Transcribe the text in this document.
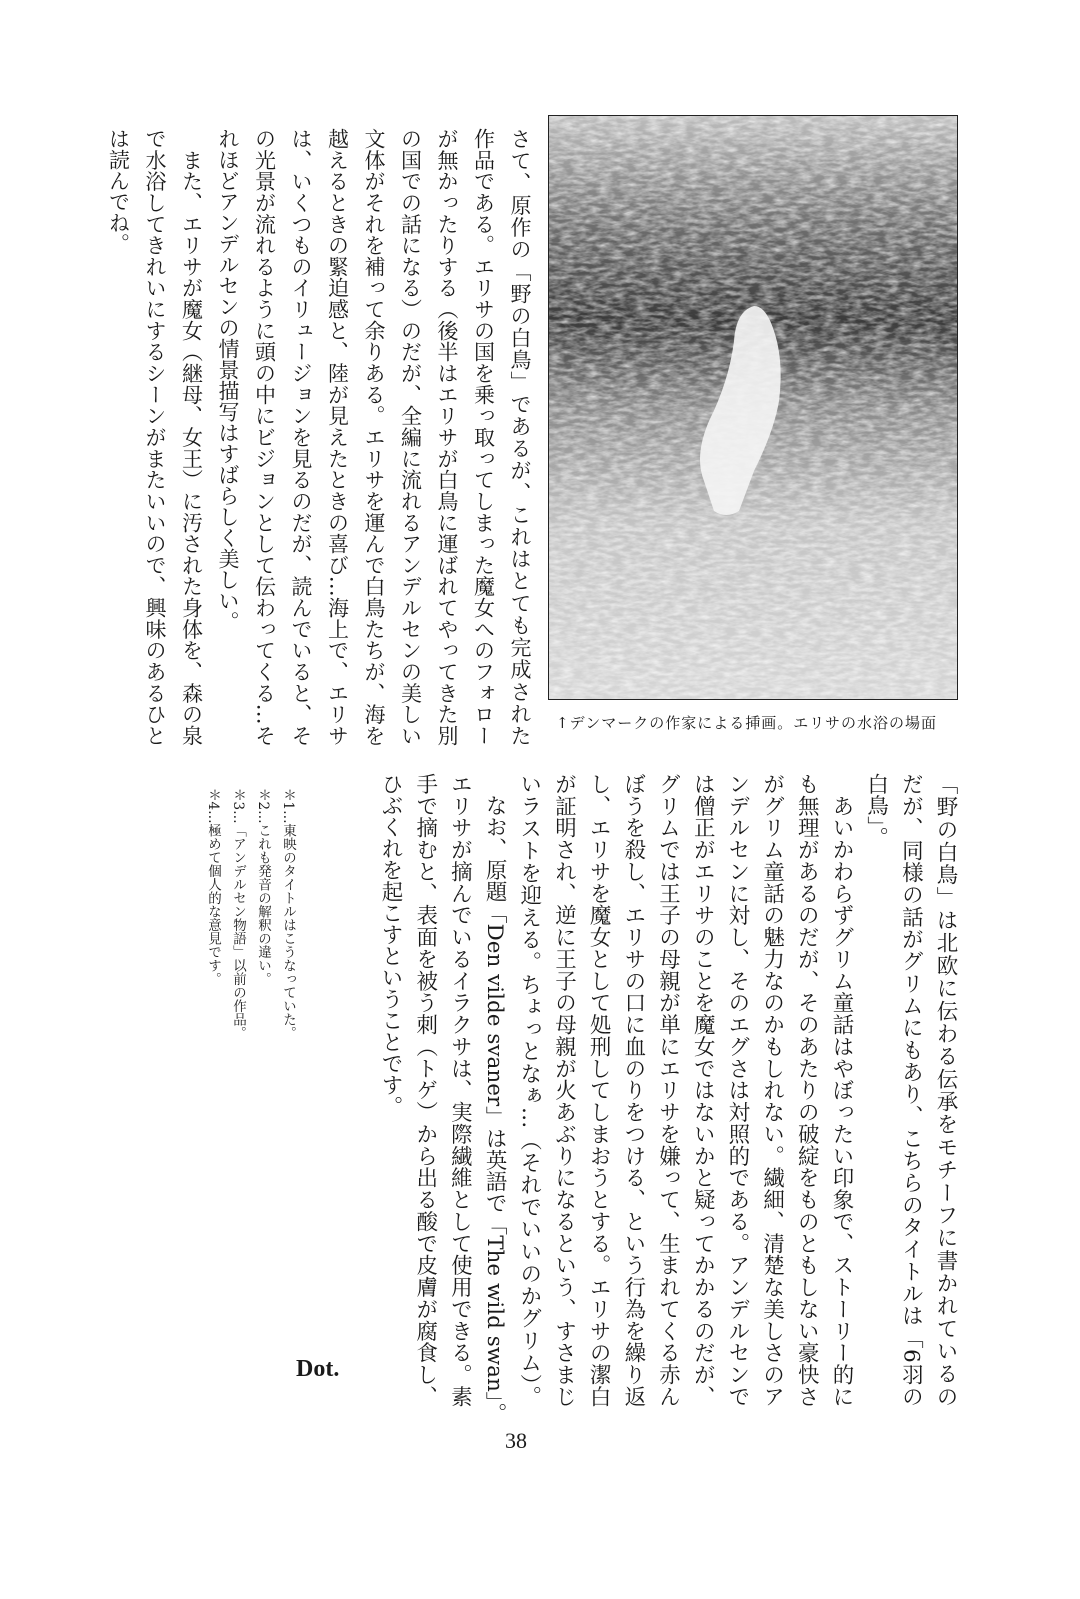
さて、原作の「野の白鳥」であるが、これはとても完成された
作品である。エリサの国を乗っ取ってしまった魔女へのフォロー
が無かったりする（後半はエリサが白鳥に運ばれてやってきた別
の国での話になる）のだが、全編に流れるアンデルセンの美しい
文体がそれを補って余りある。エリサを運んで白鳥たちが、海を
越えるときの緊迫感と、陸が見えたときの喜び…海上で、エリサ
は、いくつものイリュージョンを見るのだが、読んでいると、そ
の光景が流れるように頭の中にビジョンとして伝わってくる…そ
れほどアンデルセンの情景描写はすばらしく美しい。
　また、エリサが魔女（継母、女王）に汚された身体を、森の泉
で水浴してきれいにするシーンがまたいいので、興味のあるひと
は読んでね。
↑デンマークの作家による挿画。エリサの水浴の場面
「野の白鳥」は北欧に伝わる伝承をモチーフに書かれているの
だが、同様の話がグリムにもあり、こちらのタイトルは「6羽の
白鳥」。
　あいかわらずグリム童話はやぼったい印象で、ストーリー的に
も無理があるのだが、そのあたりの破綻をものともしない豪快さ
がグリム童話の魅力なのかもしれない。繊細、清楚な美しさのア
ンデルセンに対し、そのエグさは対照的である。アンデルセンで
は僧正がエリサのことを魔女ではないかと疑ってかかるのだが、
グリムでは王子の母親が単にエリサを嫌って、生まれてくる赤ん
ぼうを殺し、エリサの口に血のりをつける、という行為を繰り返
し、エリサを魔女として処刑してしまおうとする。エリサの潔白
が証明され、逆に王子の母親が火あぶりになるという、すさまじ
いラストを迎える。ちょっとなぁ…（それでいいのかグリム）。
　なお、原題「Den vilde svaner」は英語で「The wild swan」。
エリサが摘んでいるイラクサは、実際繊維として使用できる。素
手で摘むと、表面を被う刺（トゲ）から出る酸で皮膚が腐食し、
ひぶくれを起こすということです。
＊1…東映のタイトルはこうなっていた。
＊2…これも発音の解釈の違い。
＊3…「アンデルセン物語」以前の作品。
＊4…極めて個人的な意見です。
Dot.
38
